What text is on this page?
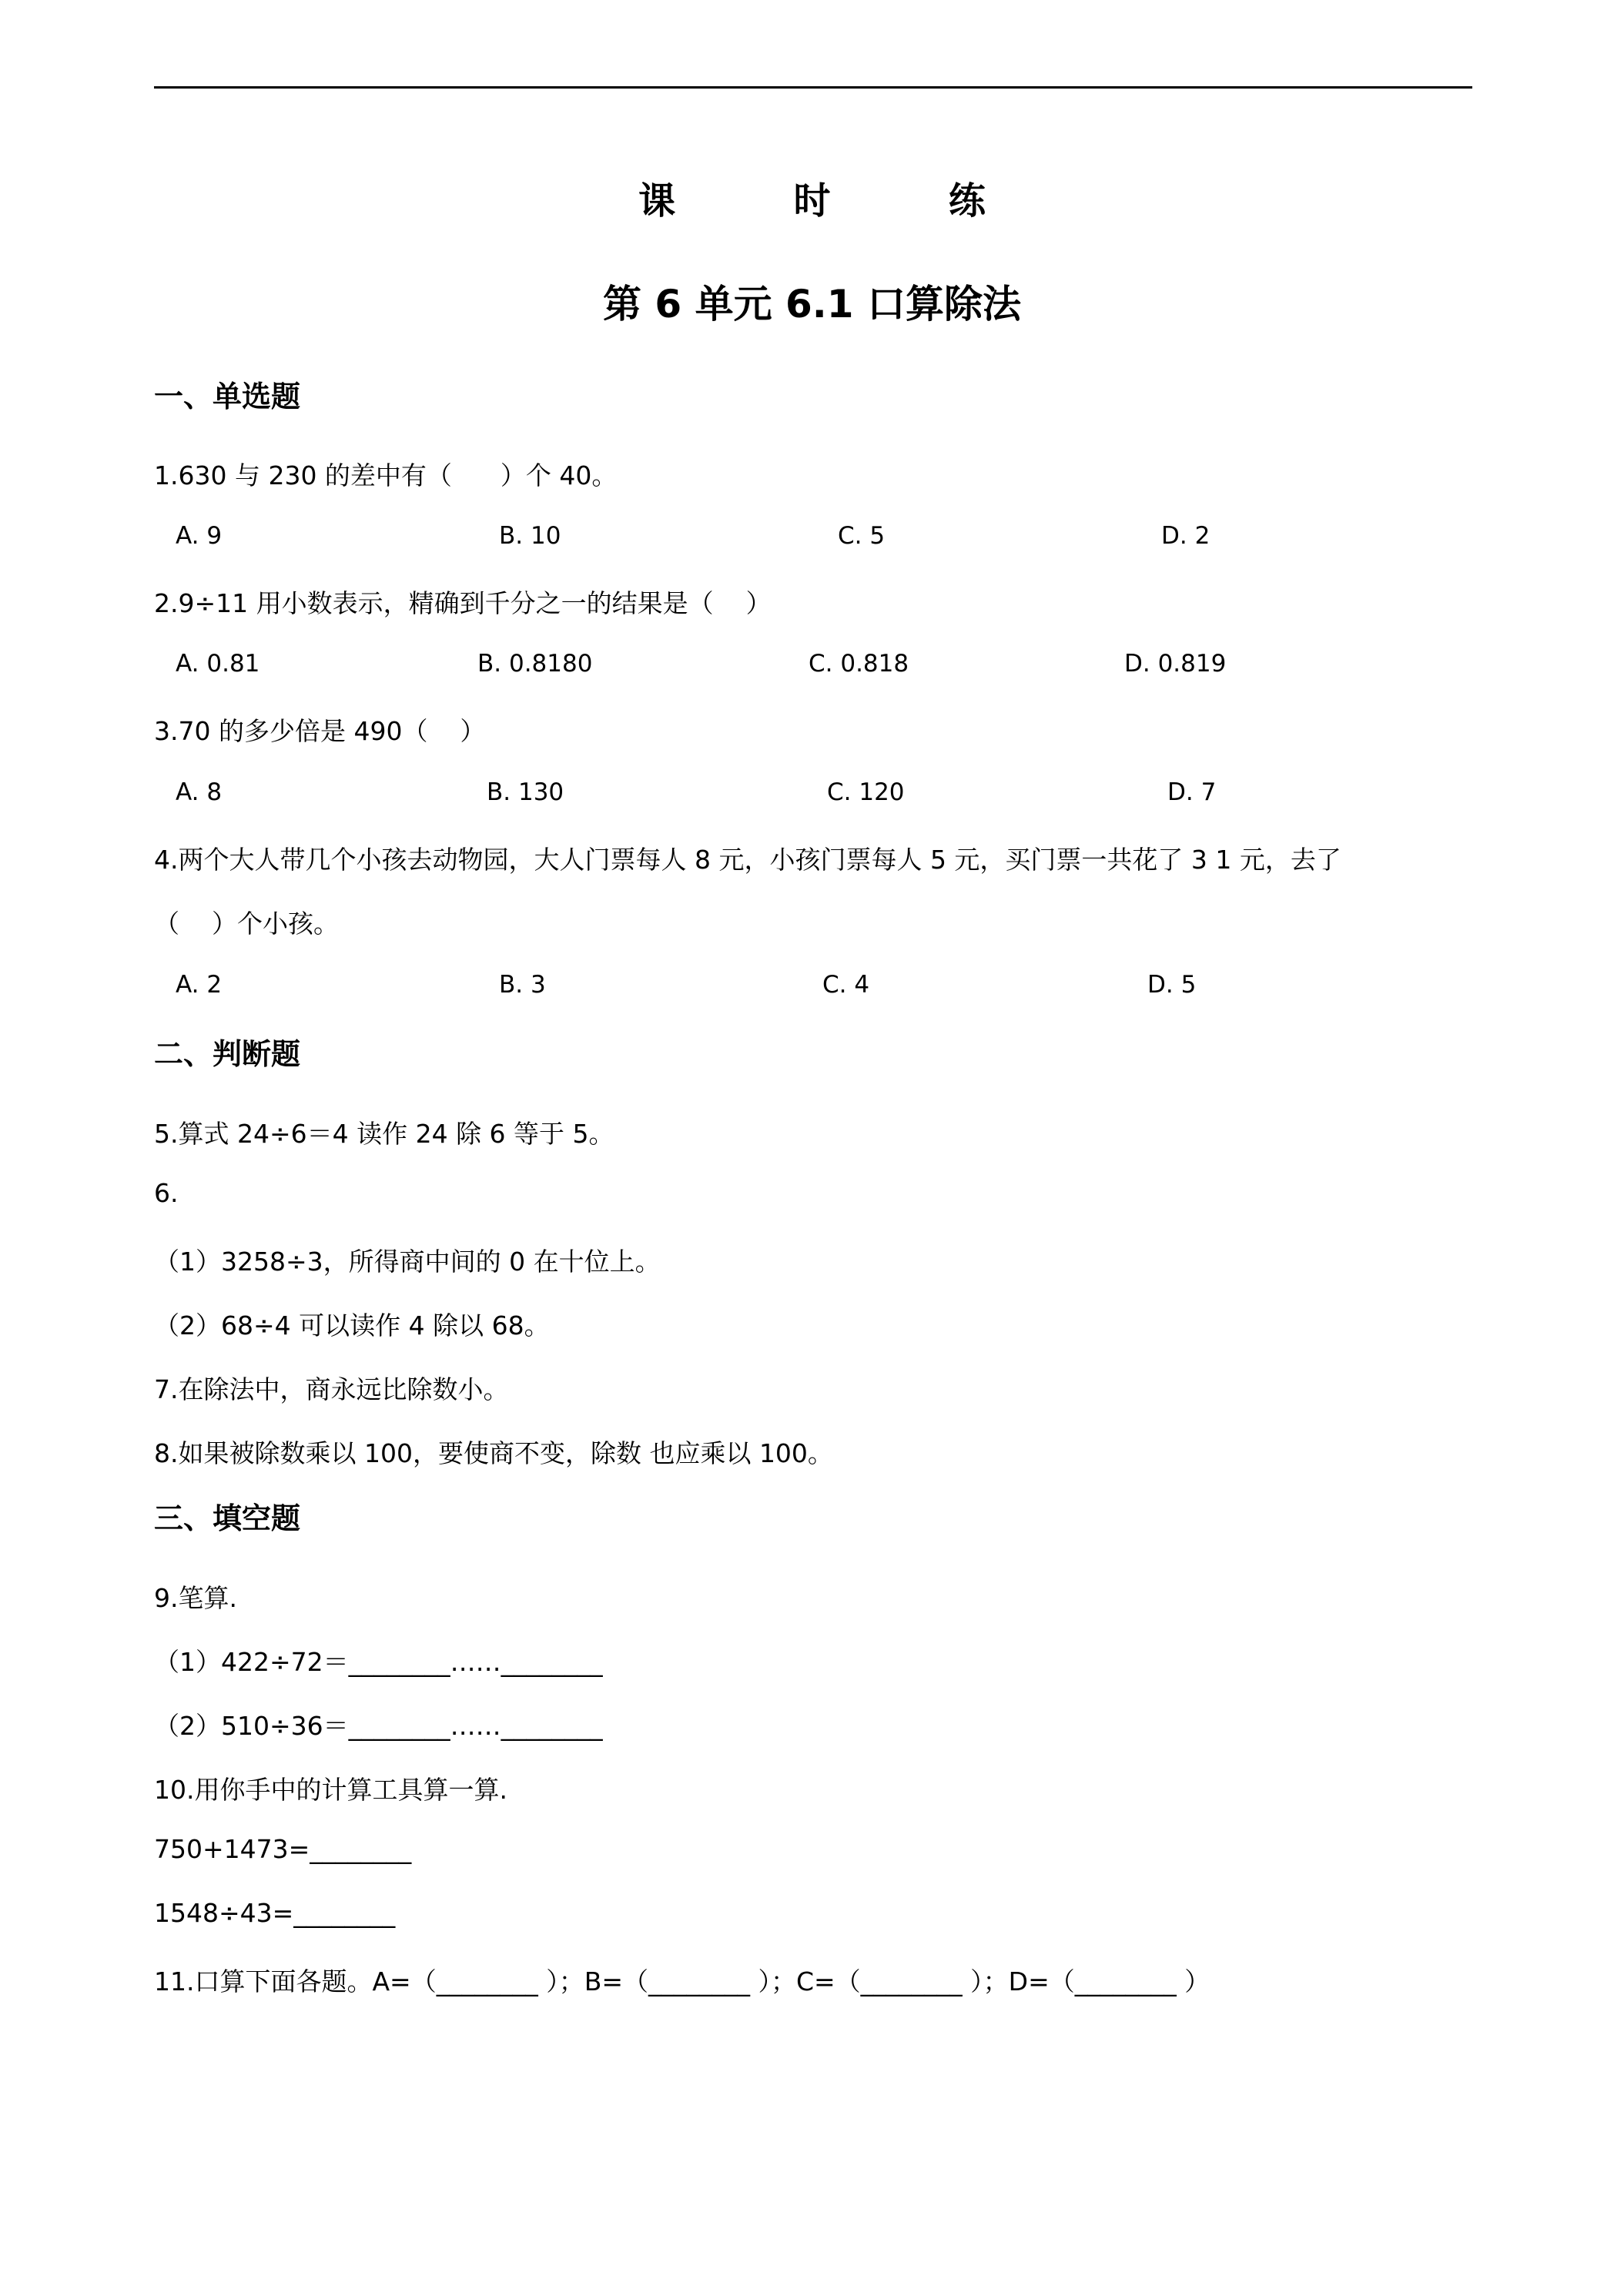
课  时  练
第 6 单元 6.1 口算除法
一、单选题
1.630 与 230 的差中有（      ）个 40。
A. 9	B. 10	C. 5	D. 2
2.9÷11 用小数表示，精确到千分之一的结果是（    ）
A. 0.81	B. 0.8180	C. 0.818	D. 0.819
3.70 的多少倍是 490（    ）
A. 8	B. 130	C. 120	D. 7
4.两个大人带几个小孩去动物园，大人门票每人 8 元，小孩门票每人 5 元，买门票一共花了 3 1 元，去了
（    ）个小孩。
A. 2	B. 3	C. 4	D. 5
二、判断题
5.算式 24÷6＝4 读作 24 除 6 等于 5。
6.
（1）3258÷3，所得商中间的 0 在十位上。
（2）68÷4 可以读作 4 除以 68。
7.在除法中，商永远比除数小。
8.如果被除数乘以 100，要使商不变，除数 也应乘以 100。
三、填空题
9.笔算.
（1）422÷72＝________……________
（2）510÷36＝________……________
10.用你手中的计算工具算一算.
750+1473=________
1548÷43=________
11.口算下面各题。A=（________ ）；B=（________ ）；C=（________ ）；D=（________ ）
